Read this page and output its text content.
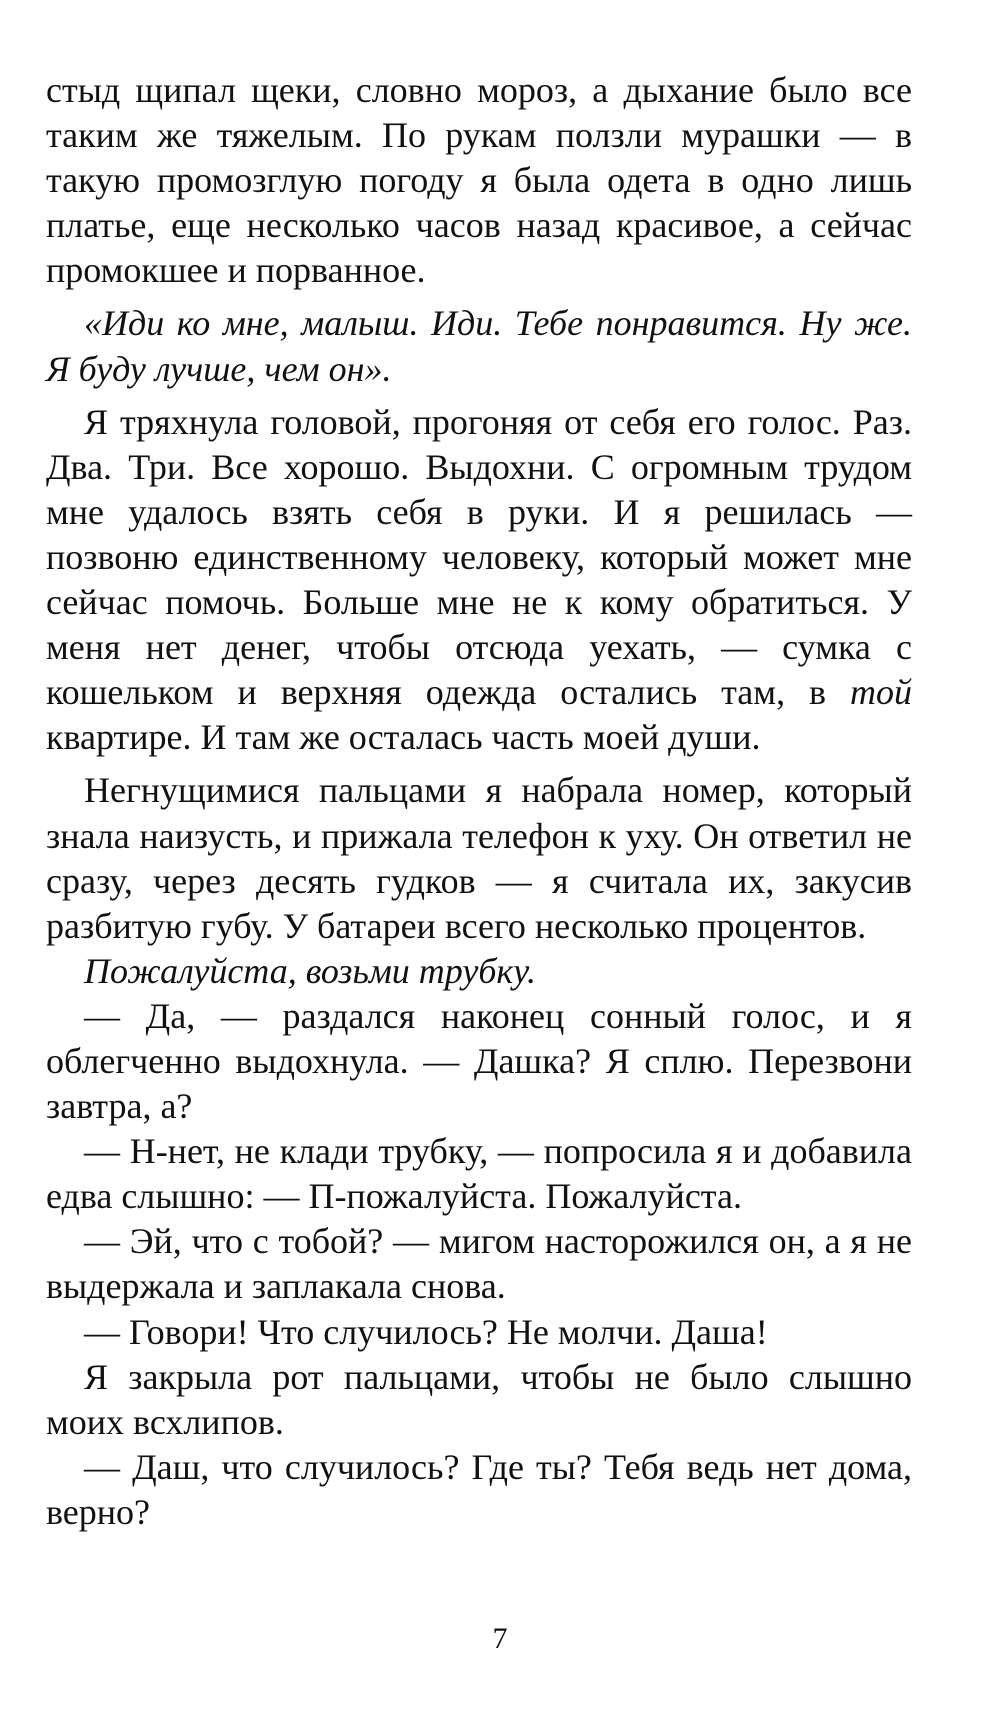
стыд щипал щеки, словно мороз, а дыхание было все таким же тяжелым. По рукам ползли мурашки — в такую промозглую погоду я была одета в одно лишь платье, еще несколько часов назад красивое, а сейчас промокшее и порванное.

«Иди ко мне, малыш. Иди. Тебе понравится. Ну же. Я буду лучше, чем он».

Я тряхнула головой, прогоняя от себя его голос. Раз. Два. Три. Все хорошо. Выдохни. С огромным трудом мне удалось взять себя в руки. И я решилась — позвоню единственному человеку, который может мне сейчас помочь. Больше мне не к кому обратиться. У меня нет денег, чтобы отсюда уехать, — сумка с кошельком и верхняя одежда остались там, в той квартире. И там же осталась часть моей души.

Негнущимися пальцами я набрала номер, который знала наизусть, и прижала телефон к уху. Он ответил не сразу, через десять гудков — я считала их, закусив разбитую губу. У батареи всего несколько процентов.

Пожалуйста, возьми трубку.

— Да, — раздался наконец сонный голос, и я облегченно выдохнула. — Дашка? Я сплю. Перезвони завтра, а?

— Н-нет, не клади трубку, — попросила я и добавила едва слышно: — П-пожалуйста. Пожалуйста.

— Эй, что с тобой? — мигом насторожился он, а я не выдержала и заплакала снова.

— Говори! Что случилось? Не молчи. Даша!

Я закрыла рот пальцами, чтобы не было слышно моих всхлипов.

— Даш, что случилось? Где ты? Тебя ведь нет дома, верно?

7
